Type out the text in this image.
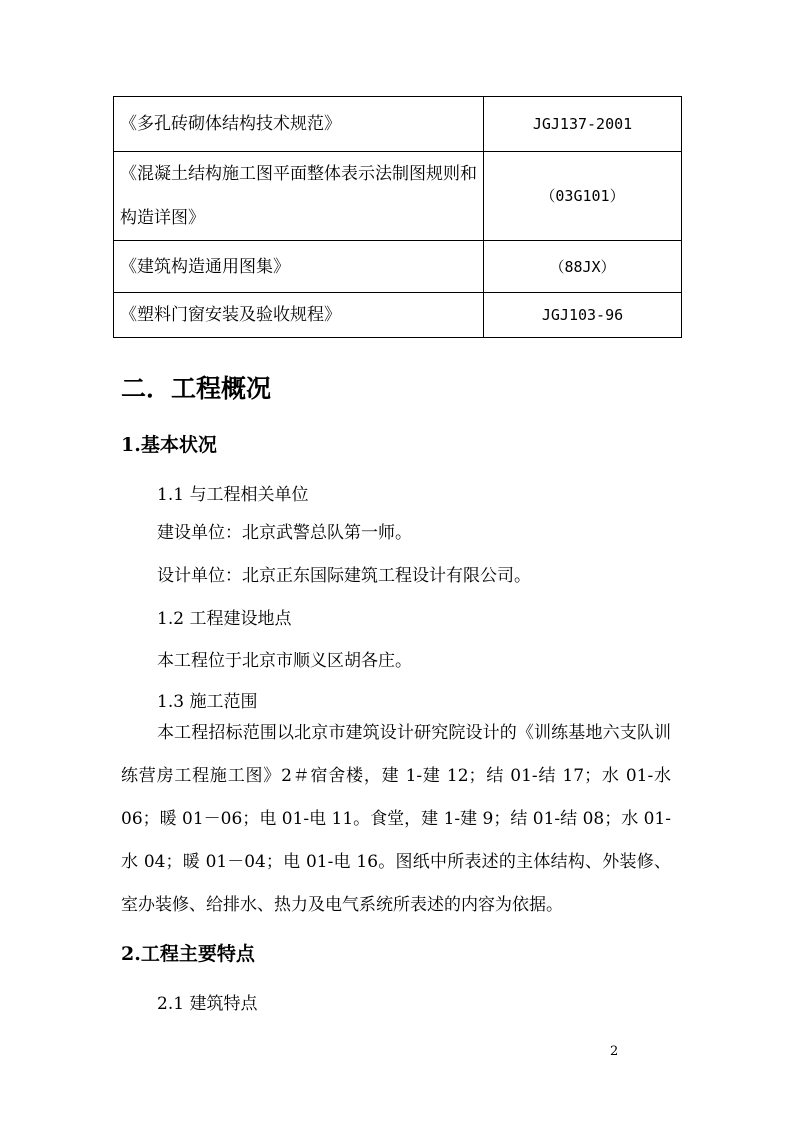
《多孔砖砌体结构技术规范》	JGJ137-2001
《混凝土结构施工图平面整体表示法制图规则和构造详图》	（03G101）
《建筑构造通用图集》	（88JX）
《塑料门窗安装及验收规程》	JGJ103-96
二．工程概况
1.基本状况
1.1 与工程相关单位
建设单位：北京武警总队第一师。
设计单位：北京正东国际建筑工程设计有限公司。
1.2 工程建设地点
本工程位于北京市顺义区胡各庄。
1.3 施工范围
本工程招标范围以北京市建筑设计研究院设计的《训练基地六支队训练营房工程施工图》2＃宿舍楼，建 1-建 12；结 01-结 17；水 01-水 06；暖 01－06；电 01-电 11。食堂，建 1-建 9；结 01-结 08；水 01-水 04；暖 01－04；电 01-电 16。图纸中所表述的主体结构、外装修、室办装修、给排水、热力及电气系统所表述的内容为依据。
2.工程主要特点
2.1 建筑特点
2
